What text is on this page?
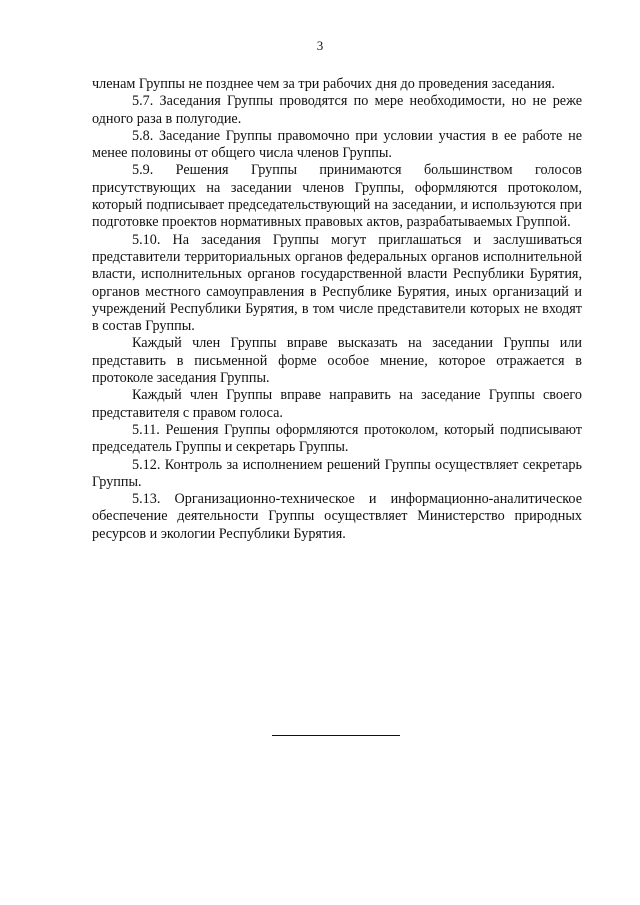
3

членам Группы не позднее чем за три рабочих дня до проведения заседания.

5.7. Заседания Группы проводятся по мере необходимости, но не реже одного раза в полугодие.

5.8. Заседание Группы правомочно при условии участия в ее работе не менее половины от общего числа членов Группы.

5.9. Решения Группы принимаются большинством голосов присутствующих на заседании членов Группы, оформляются протоколом, который подписывает председательствующий на заседании, и используются при подготовке проектов нормативных правовых актов, разрабатываемых Группой.

5.10. На заседания Группы могут приглашаться и заслушиваться представители территориальных органов федеральных органов исполнительной власти, исполнительных органов государственной власти Республики Бурятия, органов местного самоуправления в Республике Бурятия, иных организаций и учреждений Республики Бурятия, в том числе представители которых не входят в состав Группы.

Каждый член Группы вправе высказать на заседании Группы или представить в письменной форме особое мнение, которое отражается в протоколе заседания Группы.

Каждый член Группы вправе направить на заседание Группы своего представителя с правом голоса.

5.11. Решения Группы оформляются протоколом, который подписывают председатель Группы и секретарь Группы.

5.12. Контроль за исполнением решений Группы осуществляет секретарь Группы.

5.13. Организационно-техническое и информационно-аналитическое обеспечение деятельности Группы осуществляет Министерство природных ресурсов и экологии Республики Бурятия.
